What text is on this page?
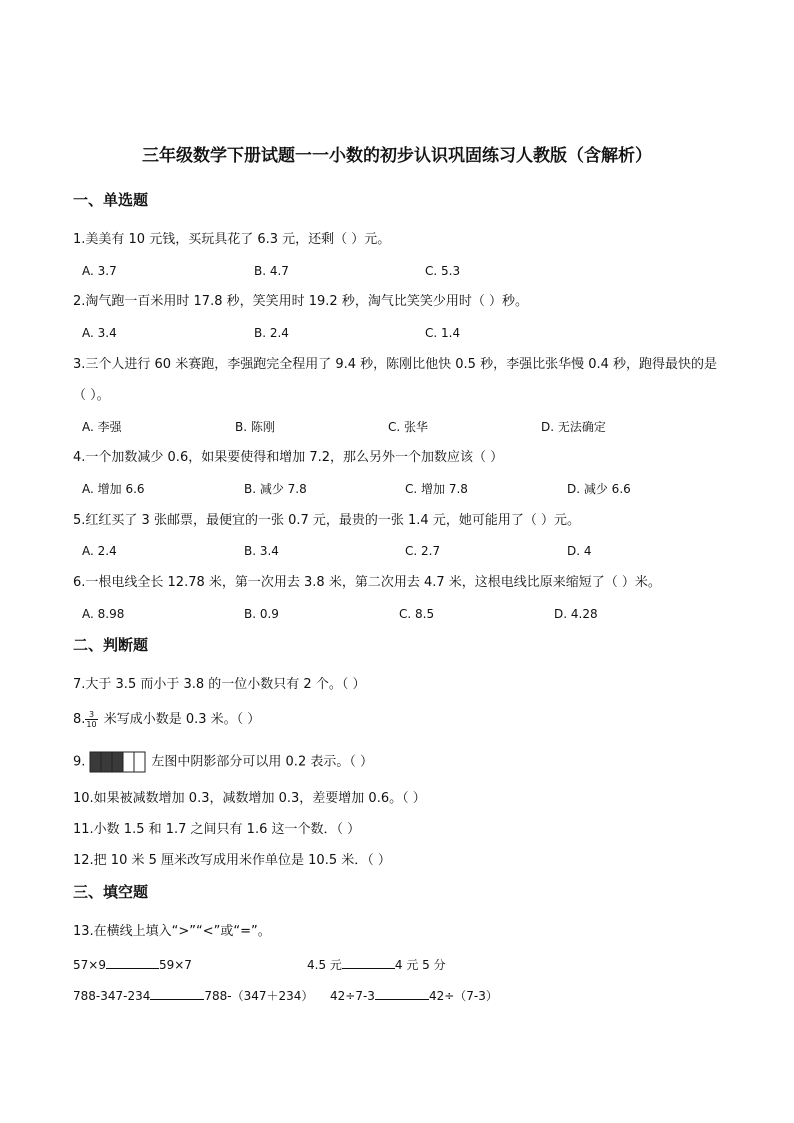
三年级数学下册试题一一小数的初步认识巩固练习人教版（含解析）
一、单选题
1.美美有 10 元钱，买玩具花了 6.3 元，还剩（ ）元。
A. 3.7	B. 4.7	C. 5.3
2.淘气跑一百米用时 17.8 秒，笑笑用时 19.2 秒，淘气比笑笑少用时（ ）秒。
A. 3.4	B. 2.4	C. 1.4
3.三个人进行 60 米赛跑，李强跑完全程用了 9.4 秒，陈刚比他快 0.5 秒，李强比张华慢 0.4 秒，跑得最快的是（ ）。
A. 李强	B. 陈刚	C. 张华	D. 无法确定
4.一个加数减少 0.6，如果要使得和增加 7.2，那么另外一个加数应该（ ）
A. 增加 6.6	B. 减少 7.8	C. 增加 7.8	D. 减少 6.6
5.红红买了 3 张邮票，最便宜的一张 0.7 元，最贵的一张 1.4 元，她可能用了（ ）元。
A. 2.4	B. 3.4	C. 2.7	D. 4
6.一根电线全长 12.78 米，第一次用去 3.8 米，第二次用去 4.7 米，这根电线比原来缩短了（ ）米。
A. 8.98	B. 0.9	C. 8.5	D. 4.28
二、判断题
7.大于 3.5 而小于 3.8 的一位小数只有 2 个。（ ）
8. $\frac{3}{10}$ 米写成小数是 0.3 米。（ ）
9.	左图中阴影部分可以用 0.2 表示。（ ）
10.如果被减数增加 0.3，减数增加 0.3，差要增加 0.6。（ ）
11.小数 1.5 和 1.7 之间只有 1.6 这一个数．（ ）
12.把 10 米 5 厘米改写成用米作单位是 10.5 米．（ ）
三、填空题
13.在横线上填入“>”“<”或“=”。
57×9	59×7	4.5 元	4 元 5 分
788-347-234	788-（347＋234） 42÷7-3	42÷（7-3）
